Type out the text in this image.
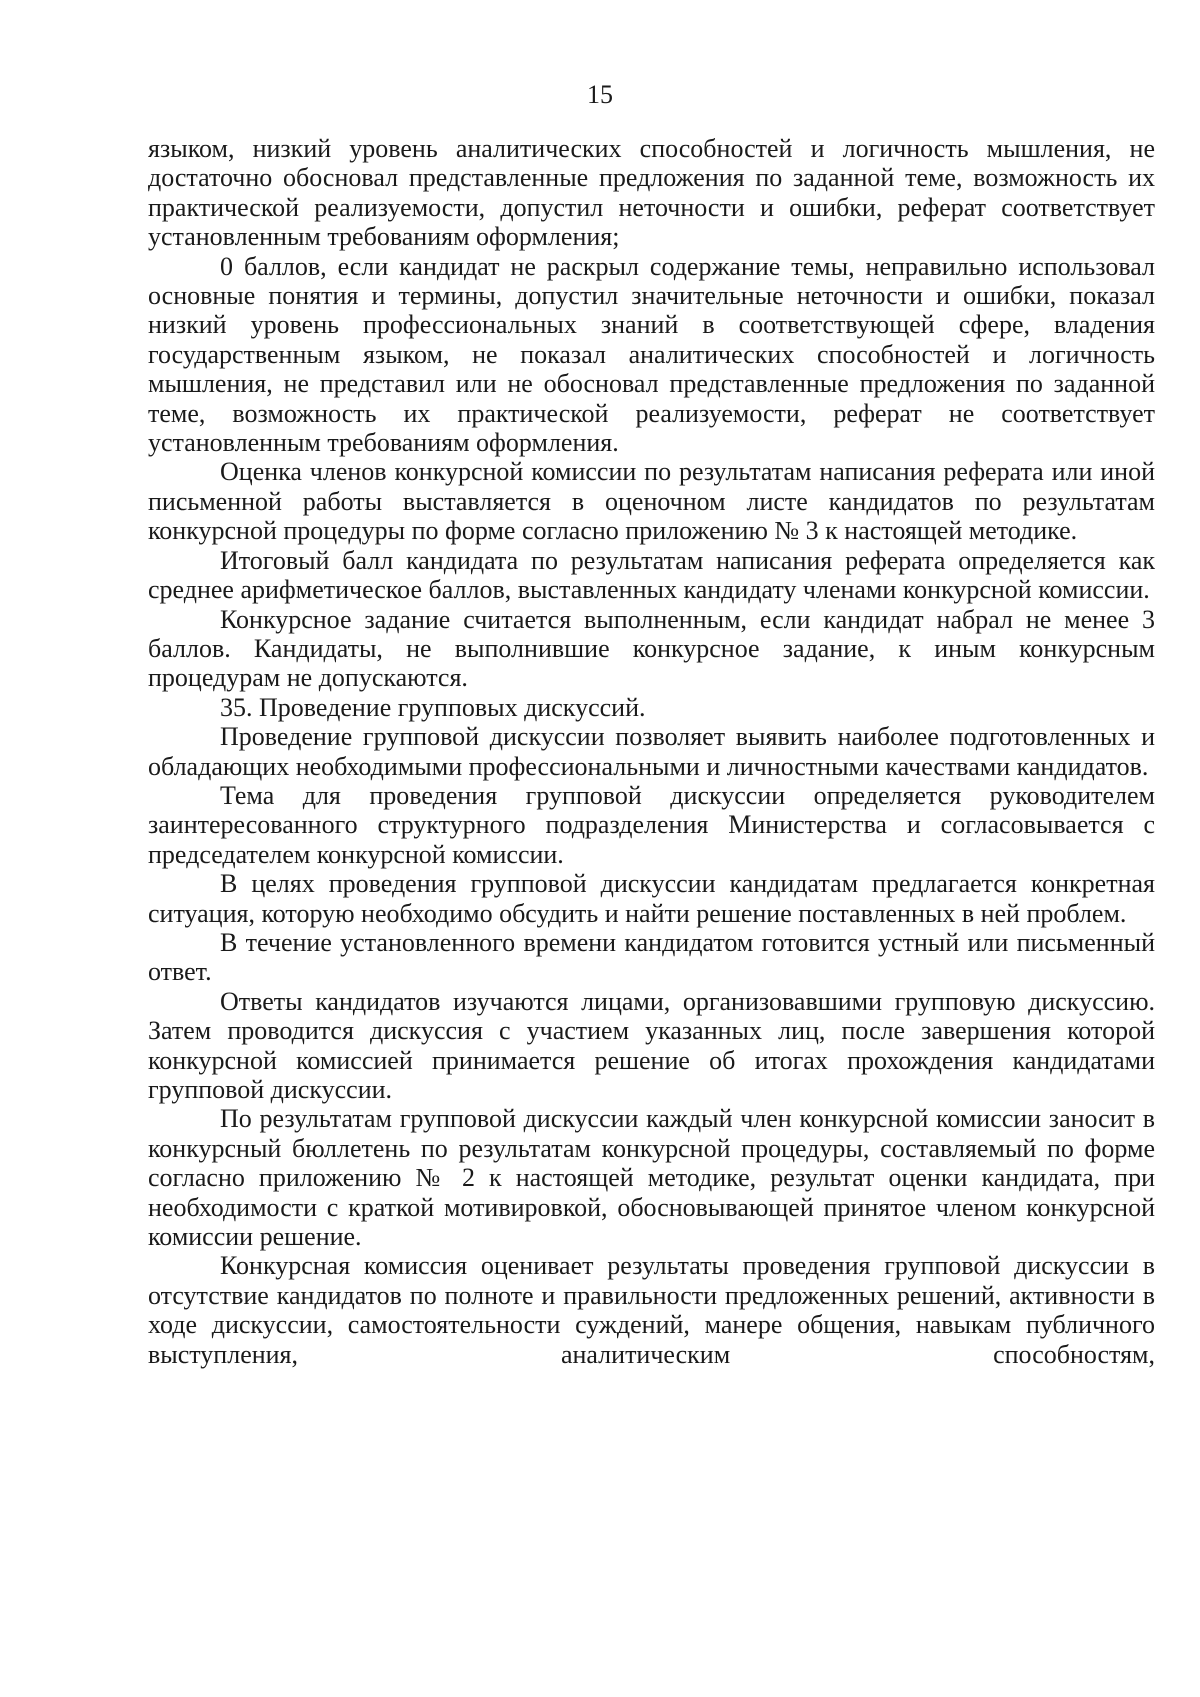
15

языком, низкий уровень аналитических способностей и логичность мышления, не достаточно обосновал представленные предложения по заданной теме, возможность их практической реализуемости, допустил неточности и ошибки, реферат соответствует установленным требованиям оформления;

0 баллов, если кандидат не раскрыл содержание темы, неправильно использовал основные понятия и термины, допустил значительные неточности и ошибки, показал низкий уровень профессиональных знаний в соответствующей сфере, владения государственным языком, не показал аналитических способностей и логичность мышления, не представил или не обосновал представленные предложения по заданной теме, возможность их практической реализуемости, реферат не соответствует установленным требованиям оформления.

Оценка членов конкурсной комиссии по результатам написания реферата или иной письменной работы выставляется в оценочном листе кандидатов по результатам конкурсной процедуры по форме согласно приложению № 3 к настоящей методике.

Итоговый балл кандидата по результатам написания реферата определяется как среднее арифметическое баллов, выставленных кандидату членами конкурсной комиссии.

Конкурсное задание считается выполненным, если кандидат набрал не менее 3 баллов. Кандидаты, не выполнившие конкурсное задание, к иным конкурсным процедурам не допускаются.

35. Проведение групповых дискуссий.

Проведение групповой дискуссии позволяет выявить наиболее подготовленных и обладающих необходимыми профессиональными и личностными качествами кандидатов.

Тема для проведения групповой дискуссии определяется руководителем заинтересованного структурного подразделения Министерства и согласовывается с председателем конкурсной комиссии.

В целях проведения групповой дискуссии кандидатам предлагается конкретная ситуация, которую необходимо обсудить и найти решение поставленных в ней проблем.

В течение установленного времени кандидатом готовится устный или письменный ответ.

Ответы кандидатов изучаются лицами, организовавшими групповую дискуссию. Затем проводится дискуссия с участием указанных лиц, после завершения которой конкурсной комиссией принимается решение об итогах прохождения кандидатами групповой дискуссии.

По результатам групповой дискуссии каждый член конкурсной комиссии заносит в конкурсный бюллетень по результатам конкурсной процедуры, составляемый по форме согласно приложению № 2 к настоящей методике, результат оценки кандидата, при необходимости с краткой мотивировкой, обосновывающей принятое членом конкурсной комиссии решение.

Конкурсная комиссия оценивает результаты проведения групповой дискуссии в отсутствие кандидатов по полноте и правильности предложенных решений, активности в ходе дискуссии, самостоятельности суждений, манере общения, навыкам публичного выступления, аналитическим способностям,
